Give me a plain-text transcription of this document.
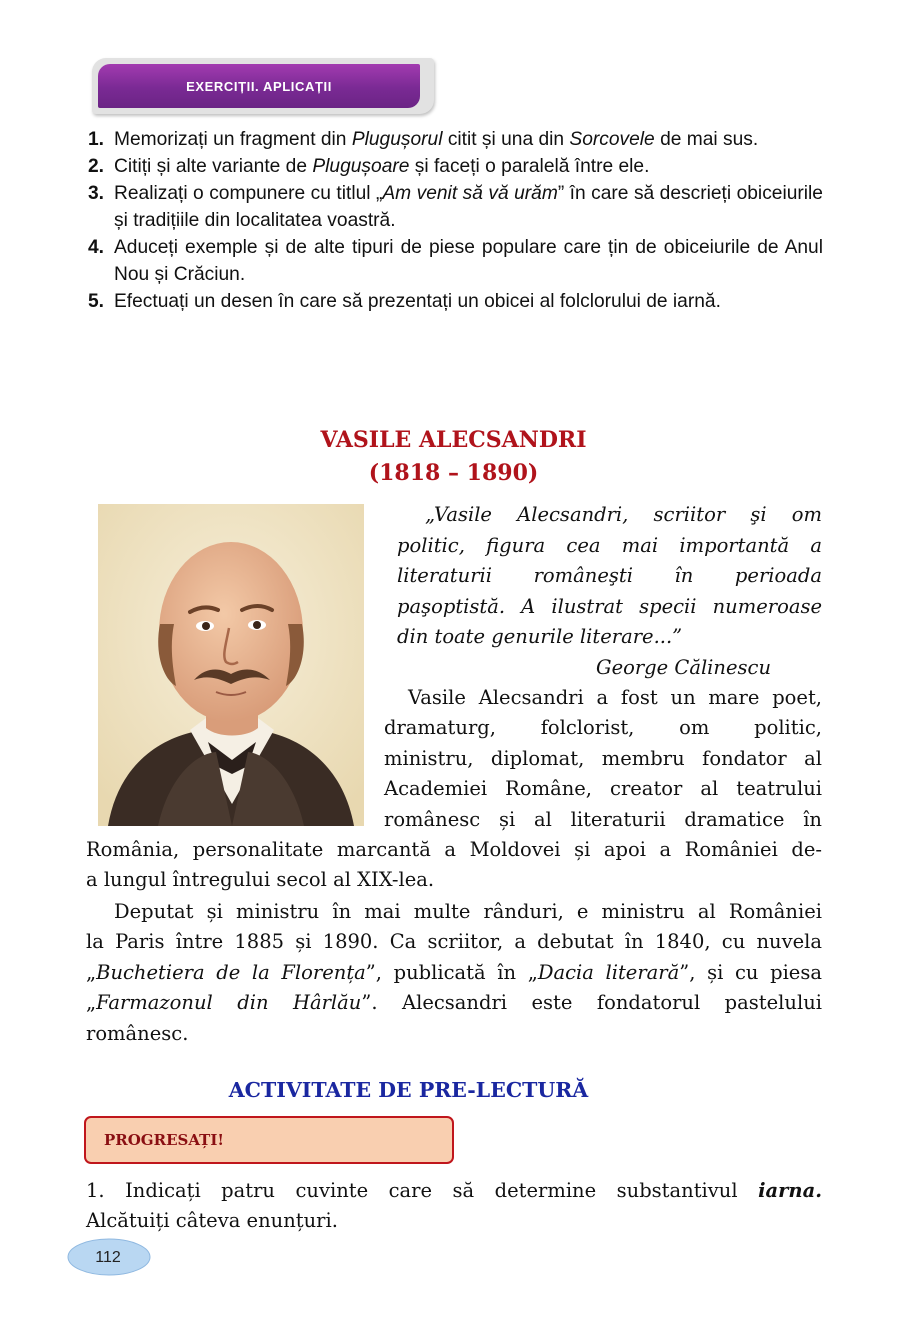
EXERCIȚII. APLICAȚII
1. Memorizați un fragment din Plugușorul citit și una din Sorcovele de mai sus.
2. Citiți și alte variante de Plugușoare și faceți o paralelă între ele.
3. Realizați o compunere cu titlul „Am venit să vă urăm” în care să descrieți obiceiurile și tradițiile din localitatea voastră.
4. Aduceți exemple și de alte tipuri de piese populare care țin de obiceiurile de Anul Nou și Crăciun.
5. Efectuați un desen în care să prezentați un obicei al folclorului de iarnă.
VASILE ALECSANDRI
(1818 – 1890)
„Vasile Alecsandri, scriitor şi om
politic, figura cea mai importantă a
literaturii româneşti în perioada
paşoptistă. A ilustrat specii numeroase
din toate genurile literare...”
George Călinescu
Vasile Alecsandri a fost un mare poet,
dramaturg, folclorist, om politic,
ministru, diplomat, membru fondator al
Academiei Române, creator al teatrului
românesc și al literaturii dramatice în
România, personalitate marcantă a Moldovei și apoi a României de-
a lungul întregului secol al XIX-lea.
Deputat și ministru în mai multe rânduri, e ministru al României
la Paris între 1885 și 1890. Ca scriitor, a debutat în 1840, cu nuvela
„Buchetiera de la Florența”, publicată în „Dacia literară”, și cu piesa
„Farmazonul din Hârlău”. Alecsandri este fondatorul pastelului
românesc.
ACTIVITATE DE PRE-LECTURĂ
PROGRESAȚI!
1. Indicați patru cuvinte care să determine substantivul iarna.
Alcătuiți câteva enunțuri.
112
